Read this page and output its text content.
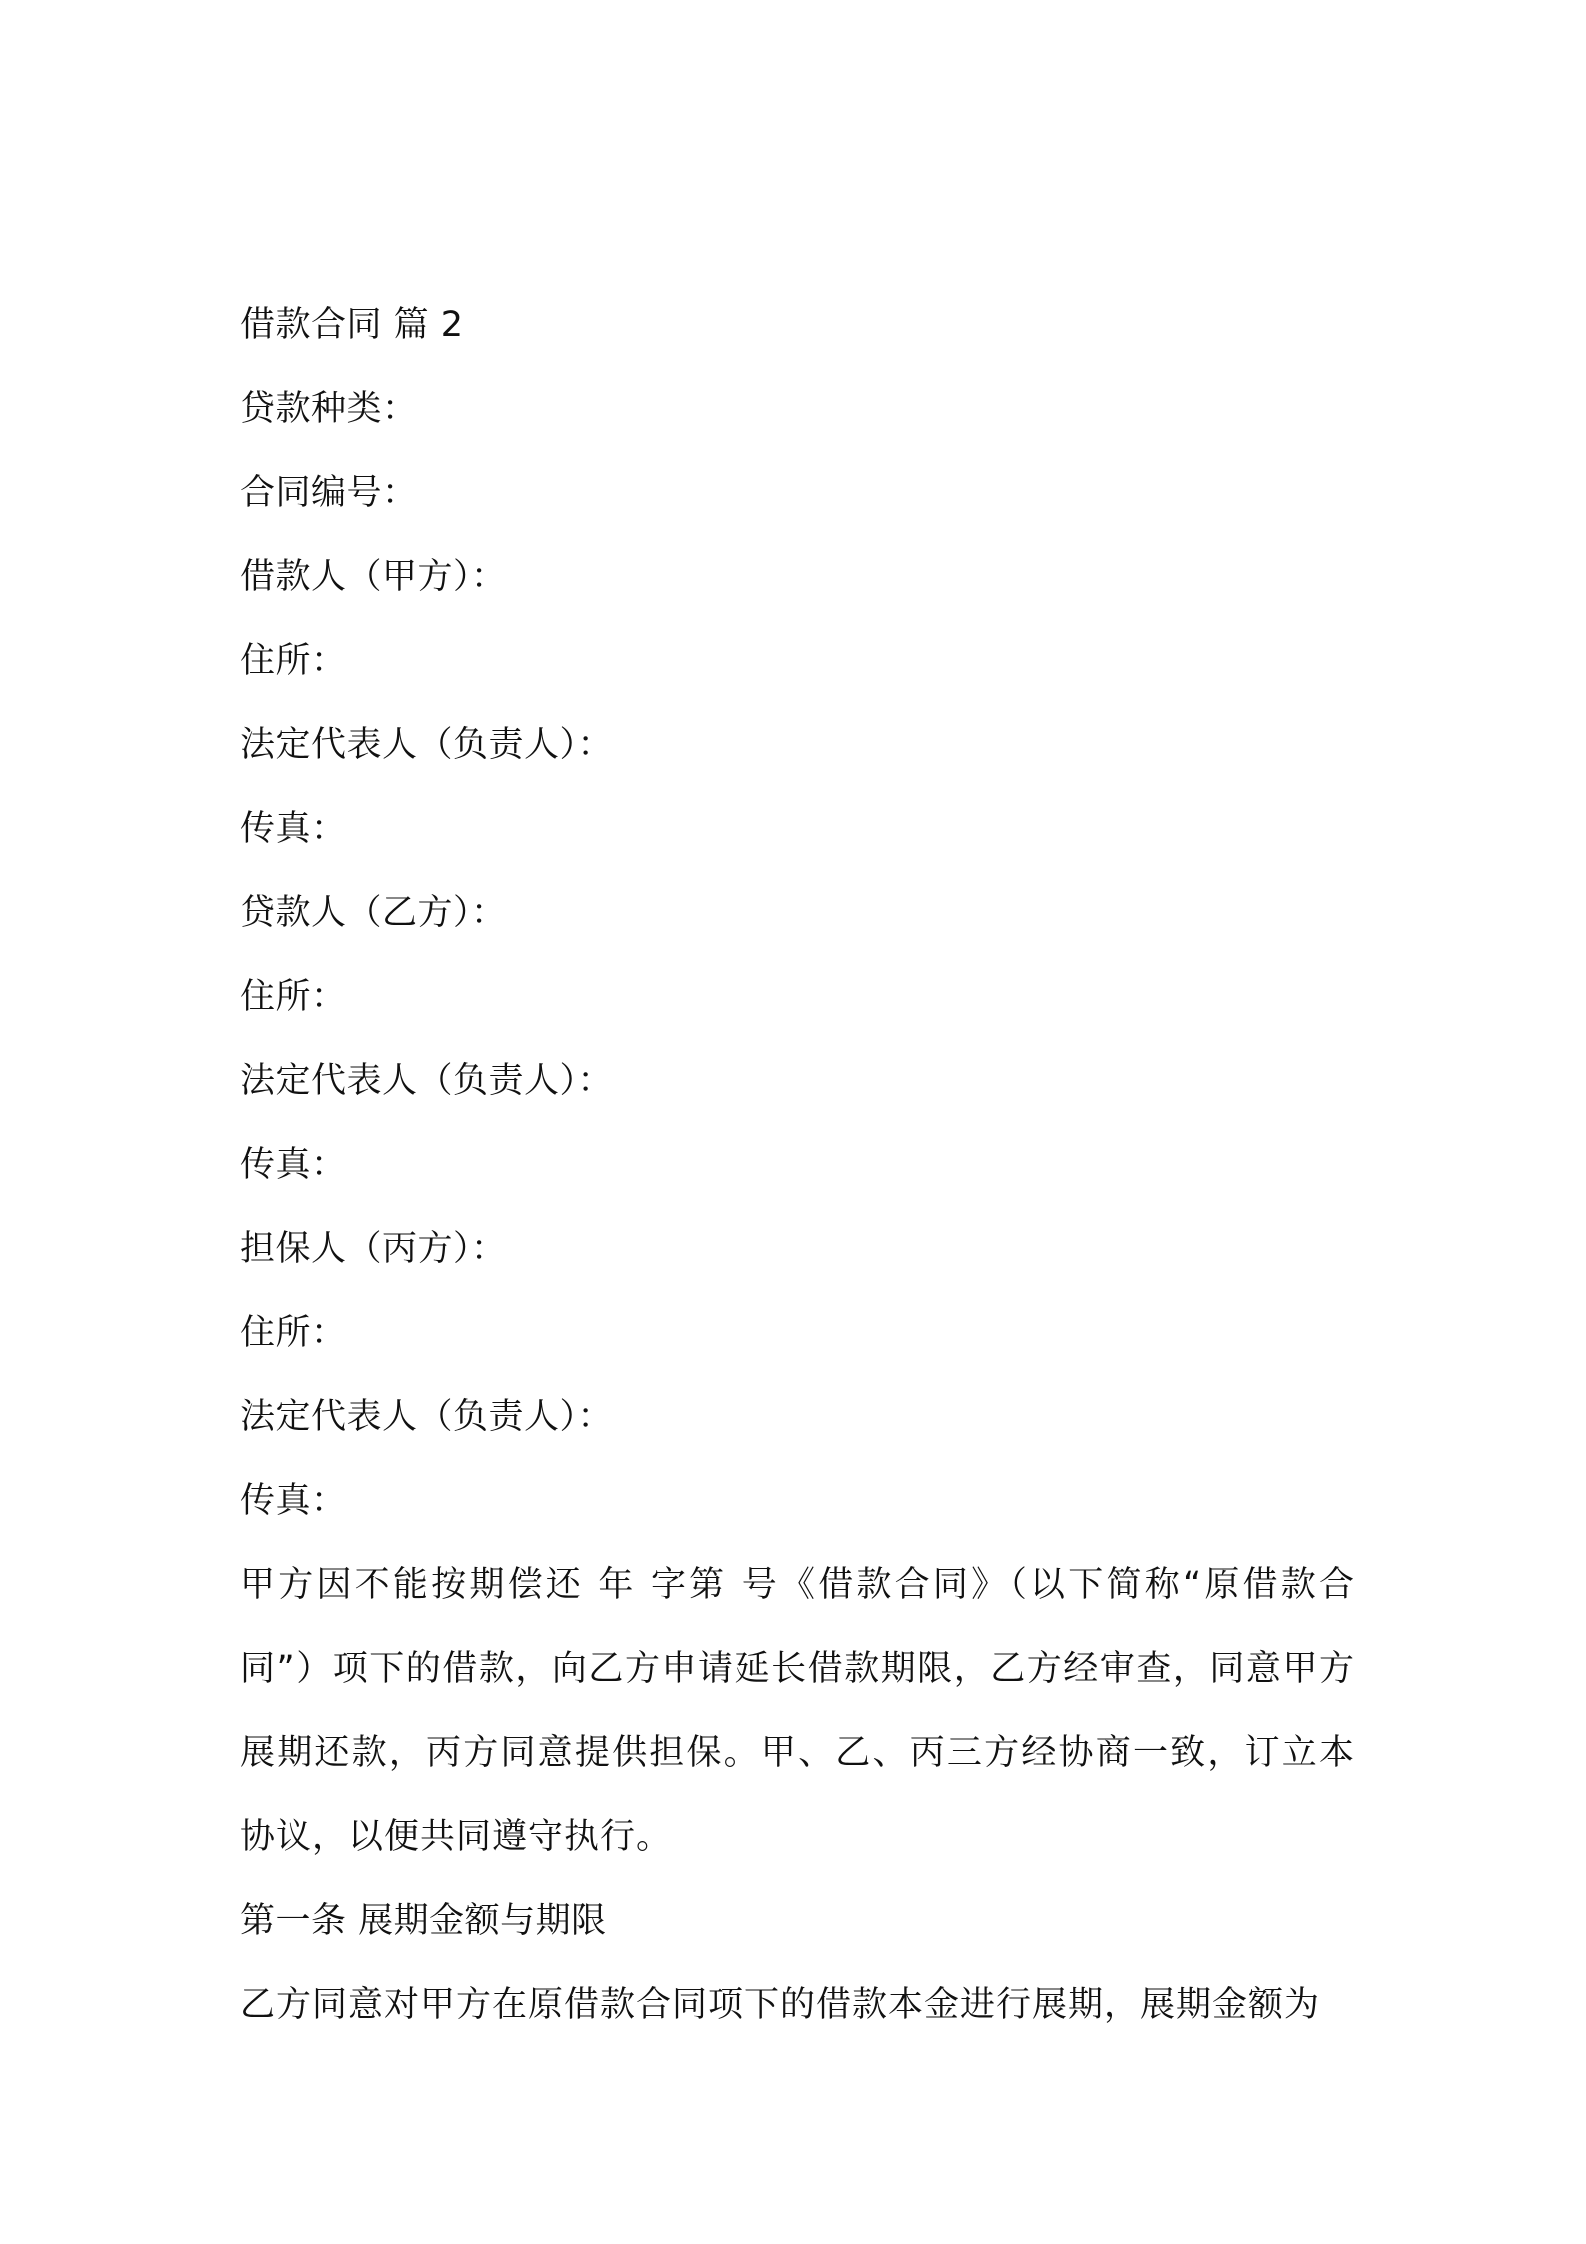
借款合同 篇 2

贷款种类：

合同编号：

借款人（甲方）：

住所：

法定代表人（负责人）：

传真：

贷款人（乙方）：

住所：

法定代表人（负责人）：

传真：

担保人（丙方）：

住所：

法定代表人（负责人）：

传真：

甲方因不能按期偿还 年 字第 号《借款合同》（以下简称“原借款合同”）项下的借款，向乙方申请延长借款期限，乙方经审查，同意甲方展期还款，丙方同意提供担保。甲、乙、丙三方经协商一致，订立本协议，以便共同遵守执行。

第一条 展期金额与期限

乙方同意对甲方在原借款合同项下的借款本金进行展期，展期金额为
